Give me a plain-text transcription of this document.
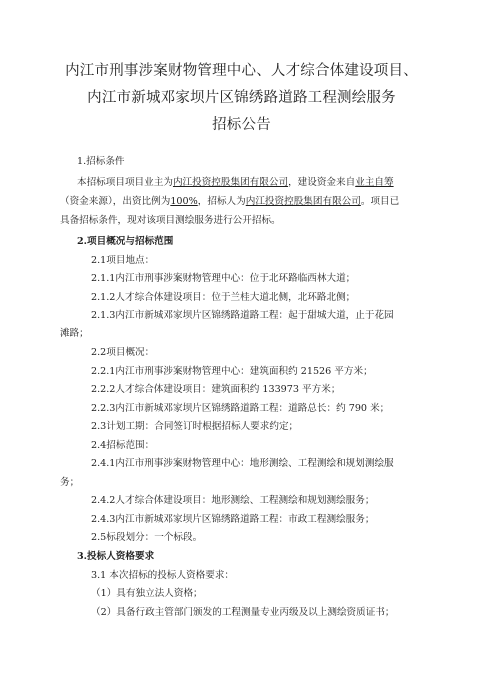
内江市刑事涉案财物管理中心、人才综合体建设项目、
内江市新城邓家坝片区锦绣路道路工程测绘服务
招标公告
1.招标条件
本招标项目项目业主为内江投资控股集团有限公司，建设资金来自业主自筹
（资金来源），出资比例为100%，招标人为内江投资控股集团有限公司。项目已
具备招标条件，现对该项目测绘服务进行公开招标。
2.项目概况与招标范围
2.1项目地点：
2.1.1内江市刑事涉案财物管理中心：位于北环路临西林大道；
2.1.2人才综合体建设项目：位于兰桂大道北侧，北环路北侧；
2.1.3内江市新城邓家坝片区锦绣路道路工程：起于甜城大道，止于花园
滩路；
2.2项目概况：
2.2.1内江市刑事涉案财物管理中心：建筑面积约 21526 平方米；
2.2.2人才综合体建设项目：建筑面积约 133973 平方米；
2.2.3内江市新城邓家坝片区锦绣路道路工程：道路总长：约 790 米；
2.3计划工期：合同签订时根据招标人要求约定；
2.4招标范围：
2.4.1内江市刑事涉案财物管理中心：地形测绘、工程测绘和规划测绘服
务；
2.4.2人才综合体建设项目：地形测绘、工程测绘和规划测绘服务；
2.4.3内江市新城邓家坝片区锦绣路道路工程：市政工程测绘服务；
2.5标段划分：一个标段。
3.投标人资格要求
3.1 本次招标的投标人资格要求：
（1）具有独立法人资格；
（2）具备行政主管部门颁发的工程测量专业丙级及以上测绘资质证书；
